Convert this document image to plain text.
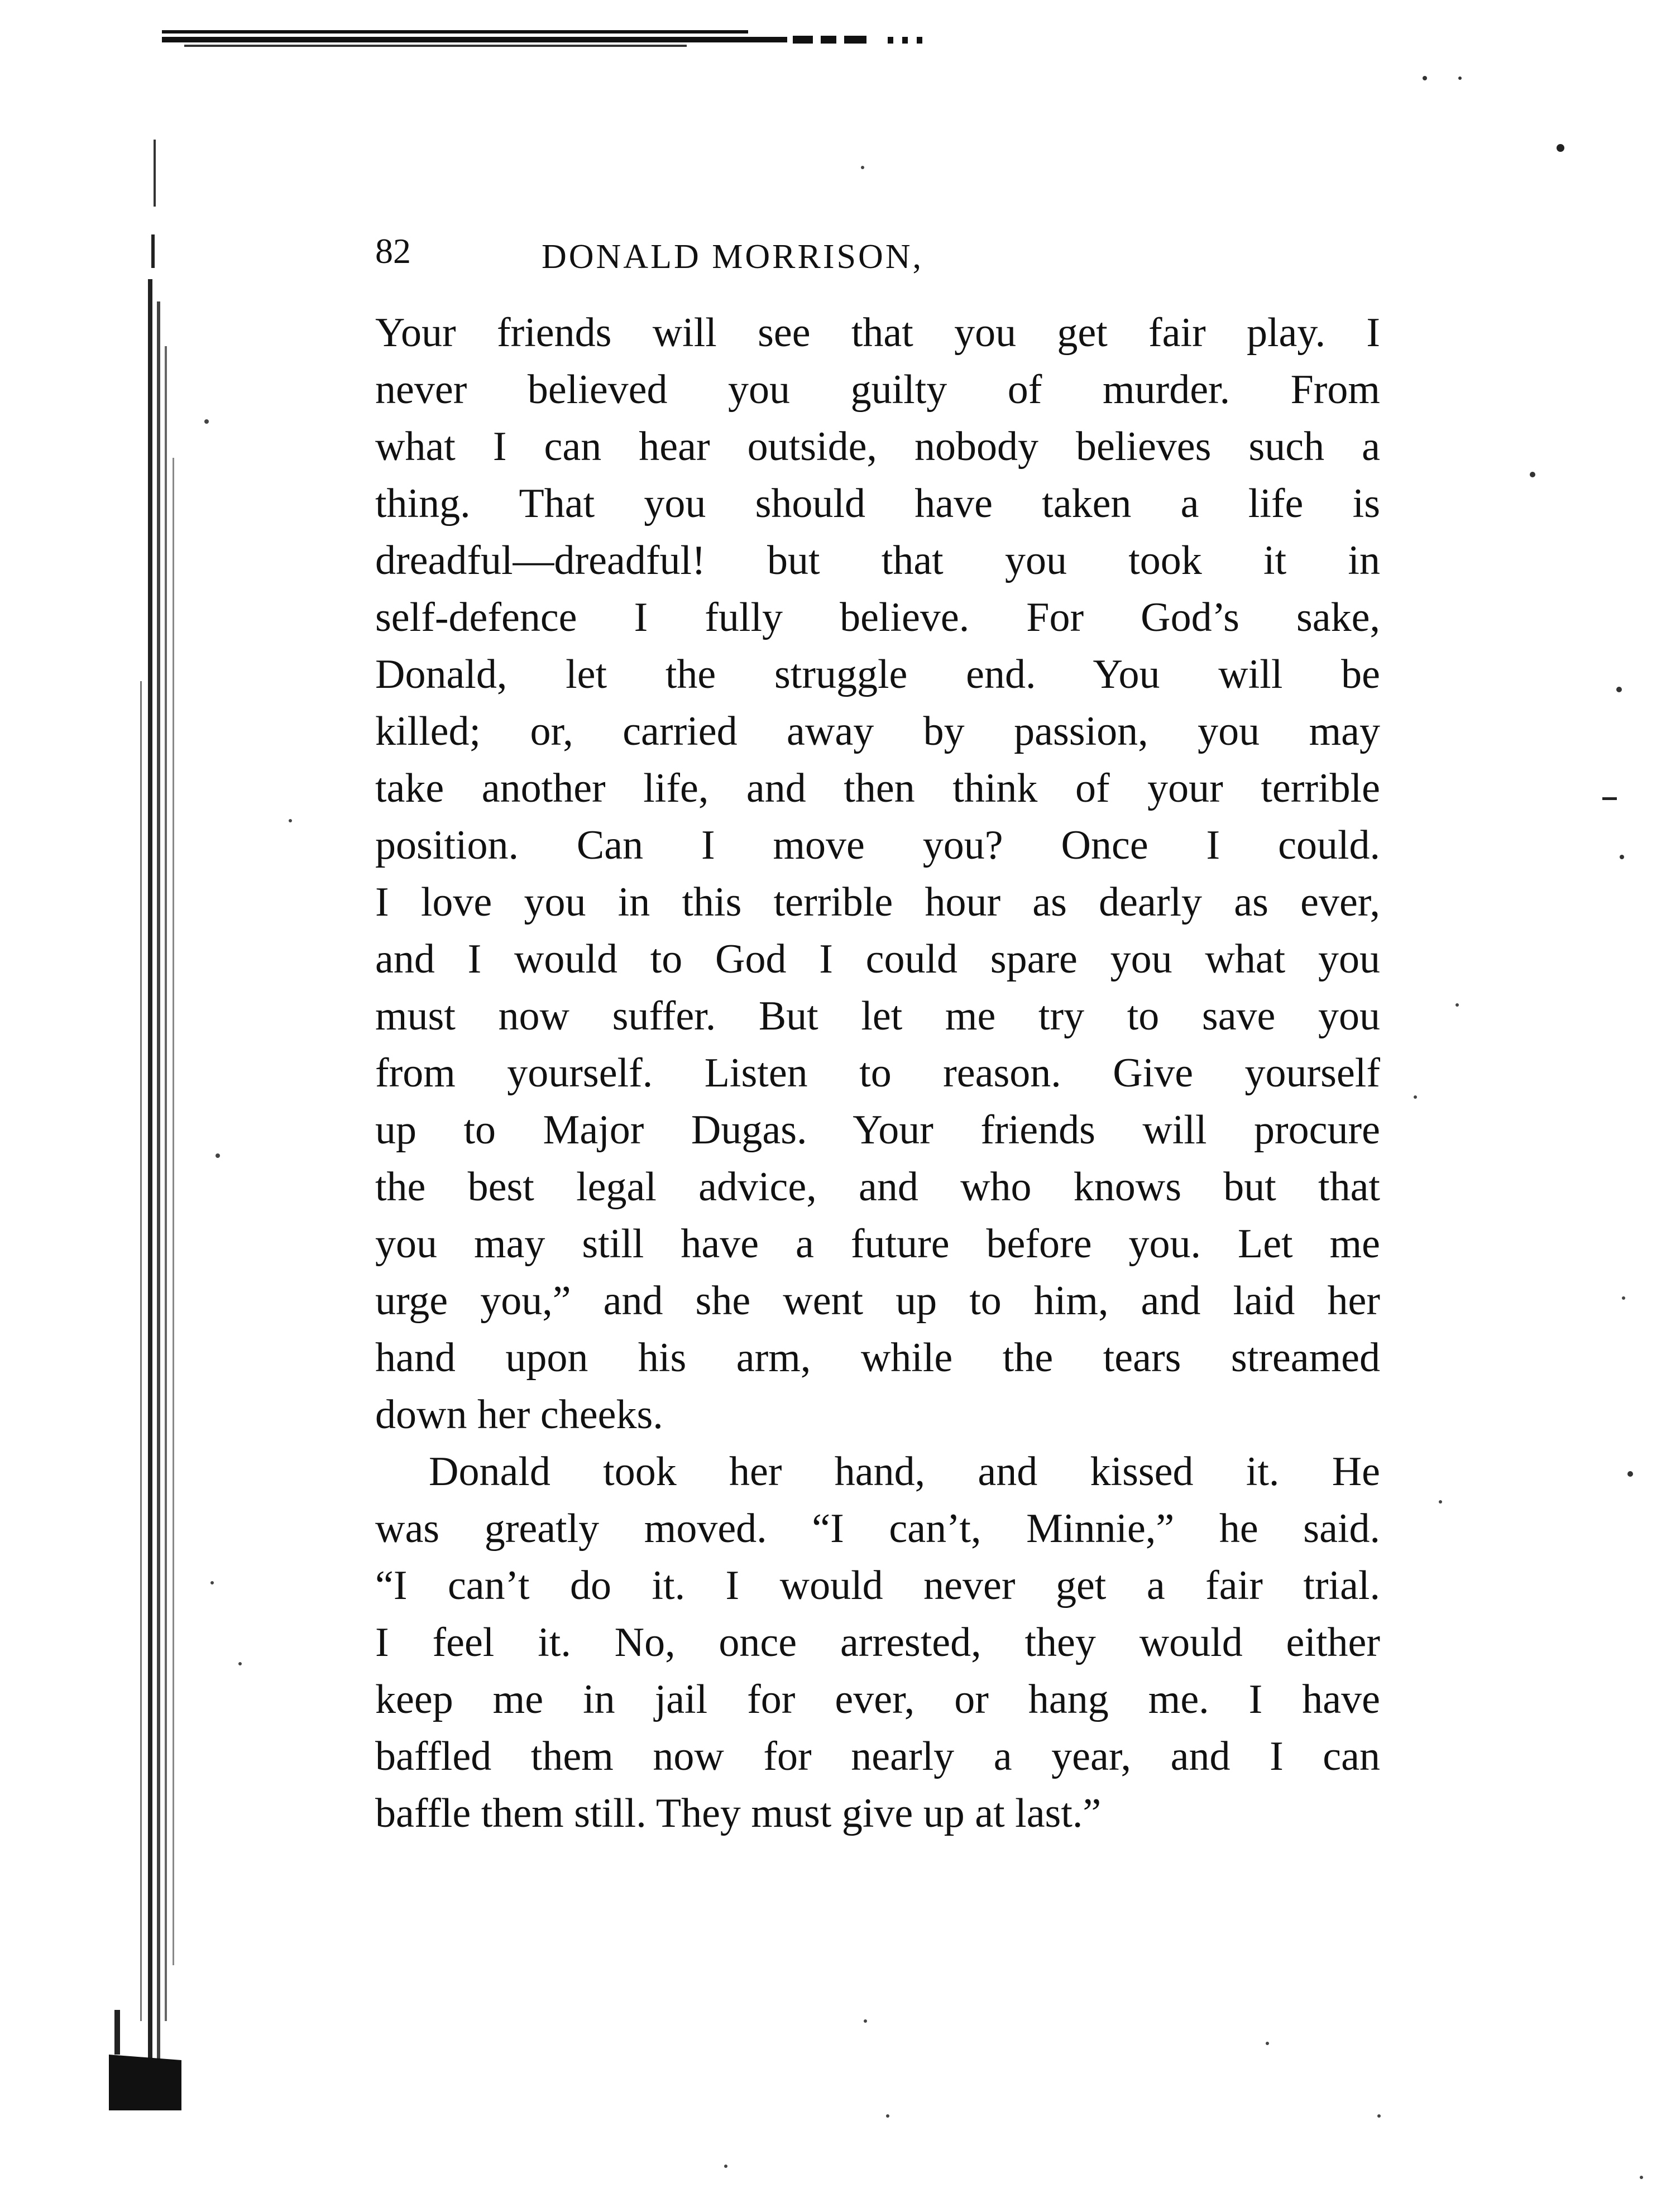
82	DONALD MORRISON,
Your friends will see that you get fair play. I
never believed you guilty of murder. From
what I can hear outside, nobody believes such a
thing. That you should have taken a life is
dreadful—dreadful! but that you took it in
self-defence I fully believe. For God’s sake,
Donald, let the struggle end. You will be
killed; or, carried away by passion, you may
take another life, and then think of your terrible
position. Can I move you? Once I could.
I love you in this terrible hour as dearly as ever,
and I would to God I could spare you what you
must now suffer. But let me try to save you
from yourself. Listen to reason. Give yourself
up to Major Dugas. Your friends will procure
the best legal advice, and who knows but that
you may still have a future before you. Let me
urge you,” and she went up to him, and laid her
hand upon his arm, while the tears streamed
down her cheeks.
Donald took her hand, and kissed it. He
was greatly moved. “I can’t, Minnie,” he said.
“I can’t do it. I would never get a fair trial.
I feel it. No, once arrested, they would either
keep me in jail for ever, or hang me. I have
baffled them now for nearly a year, and I can
baffle them still. They must give up at last.”
